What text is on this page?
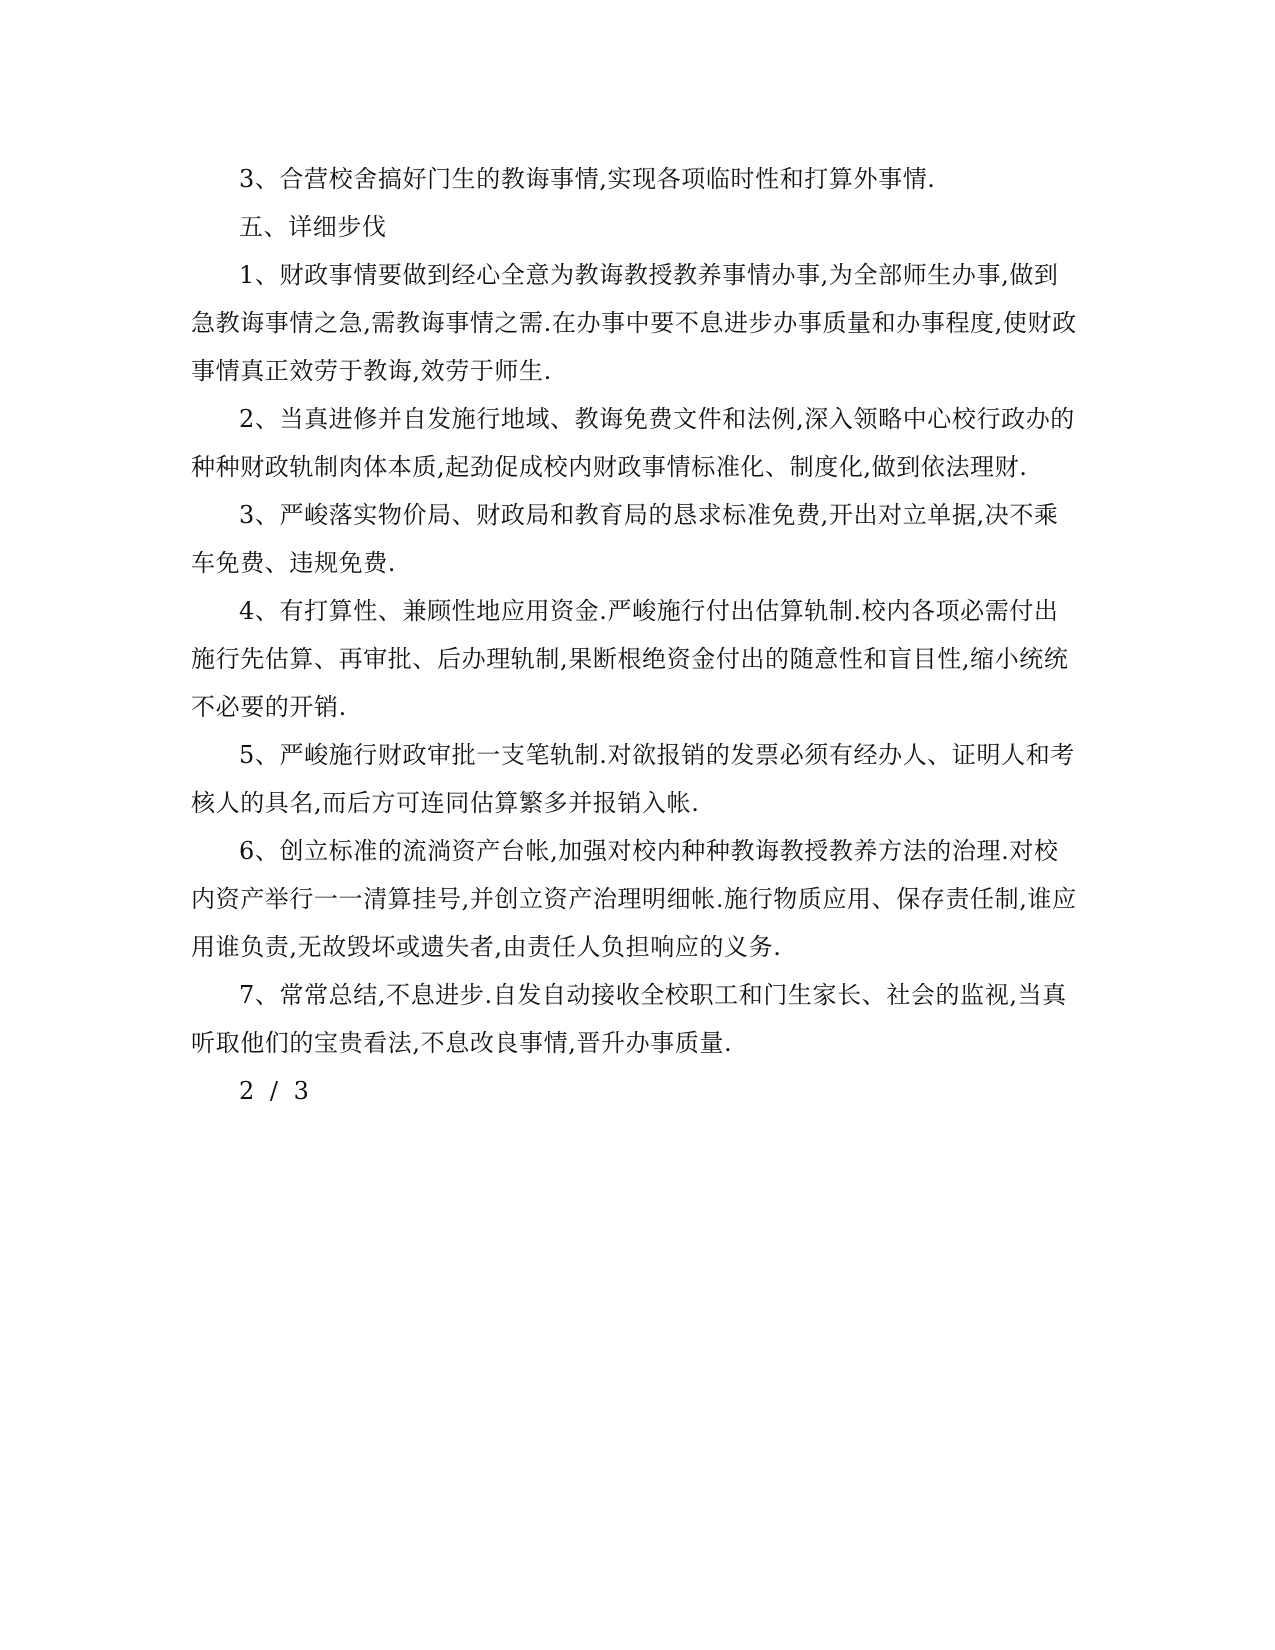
3、合营校舍搞好门生的教诲事情,实现各项临时性和打算外事情.

五、详细步伐

1、财政事情要做到经心全意为教诲教授教养事情办事,为全部师生办事,做到急教诲事情之急,需教诲事情之需.在办事中要不息进步办事质量和办事程度,使财政事情真正效劳于教诲,效劳于师生.

2、当真进修并自发施行地域、教诲免费文件和法例,深入领略中心校行政办的种种财政轨制肉体本质,起劲促成校内财政事情标准化、制度化,做到依法理财.

3、严峻落实物价局、财政局和教育局的恳求标准免费,开出对立单据,决不乘车免费、违规免费.

4、有打算性、兼顾性地应用资金.严峻施行付出估算轨制.校内各项必需付出施行先估算、再审批、后办理轨制,果断根绝资金付出的随意性和盲目性,缩小统统不必要的开销.

5、严峻施行财政审批一支笔轨制.对欲报销的发票必须有经办人、证明人和考核人的具名,而后方可连同估算繁多并报销入帐.

6、创立标准的流淌资产台帐,加强对校内种种教诲教授教养方法的治理.对校内资产举行一一清算挂号,并创立资产治理明细帐.施行物质应用、保存责任制,谁应用谁负责,无故毁坏或遗失者,由责任人负担响应的义务.

7、常常总结,不息进步.自发自动接收全校职工和门生家长、社会的监视,当真听取他们的宝贵看法,不息改良事情,晋升办事质量.

2 / 3
